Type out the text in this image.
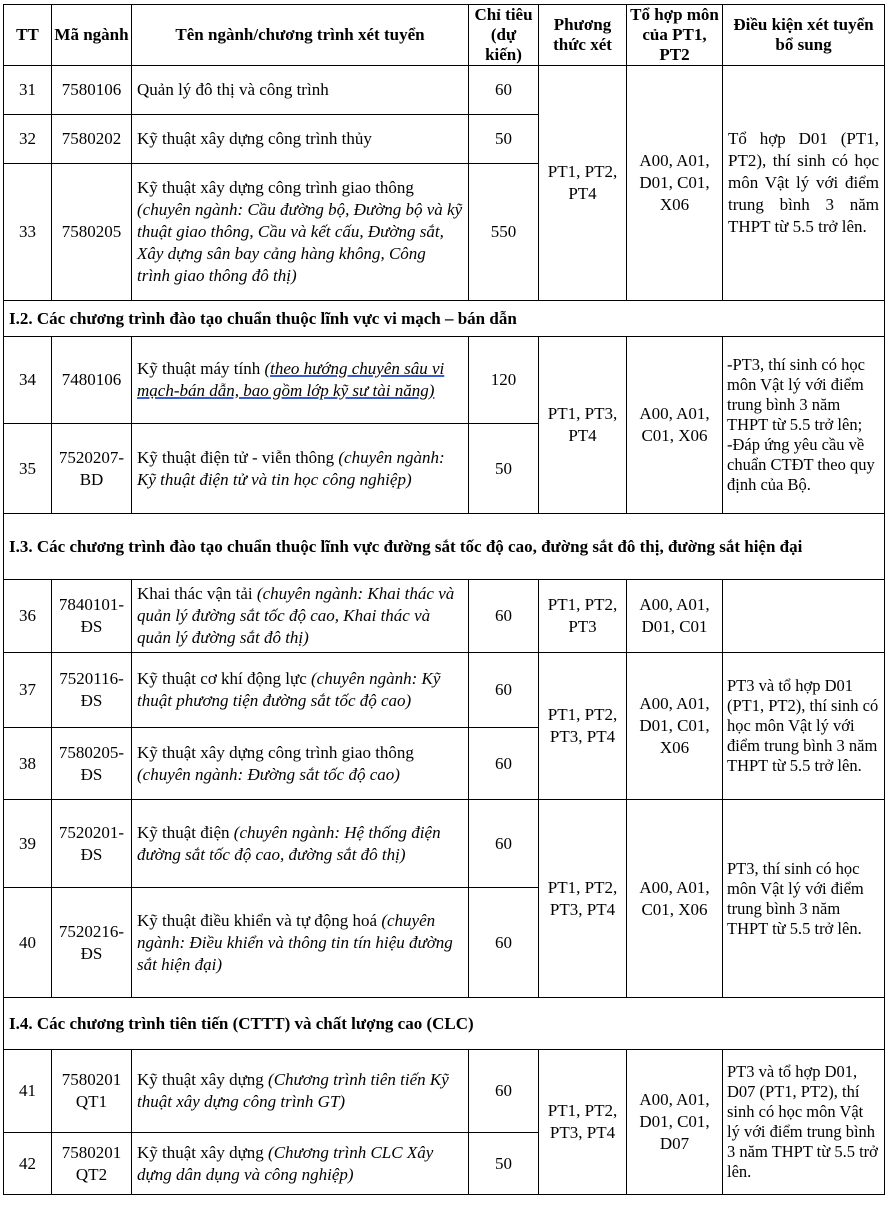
TT	Mã ngành	Tên ngành/chương trình xét tuyển	Chỉ tiêu (dự kiến)	Phương thức xét	Tổ hợp môn của PT1, PT2	Điều kiện xét tuyển bổ sung
31	7580106	Quản lý đô thị và công trình	60	PT1, PT2, PT4	A00, A01, D01, C01, X06	Tổ hợp D01 (PT1, PT2), thí sinh có học môn Vật lý với điểm trung bình 3 năm THPT từ 5.5 trở lên.
32	7580202	Kỹ thuật xây dựng công trình thủy	50			
33	7580205	Kỹ thuật xây dựng công trình giao thông (chuyên ngành: Cầu đường bộ, Đường bộ và kỹ thuật giao thông, Cầu và kết cấu, Đường sắt, Xây dựng sân bay cảng hàng không, Công trình giao thông đô thị)	550			
I.2. Các chương trình đào tạo chuẩn thuộc lĩnh vực vi mạch – bán dẫn						
34	7480106	Kỹ thuật máy tính (theo hướng chuyên sâu vi mạch-bán dẫn, bao gồm lớp kỹ sư tài năng)	120	PT1, PT3, PT4	A00, A01, C01, X06	-PT3, thí sinh có học môn Vật lý với điểm trung bình 3 năm THPT từ 5.5 trở lên; -Đáp ứng yêu cầu về chuẩn CTĐT theo quy định của Bộ.
35	7520207-BD	Kỹ thuật điện tử - viễn thông (chuyên ngành: Kỹ thuật điện tử và tin học công nghiệp)	50			
I.3. Các chương trình đào tạo chuẩn thuộc lĩnh vực đường sắt tốc độ cao, đường sắt đô thị, đường sắt hiện đại						
36	7840101-ĐS	Khai thác vận tải (chuyên ngành: Khai thác và quản lý đường sắt tốc độ cao, Khai thác và quản lý đường sắt đô thị)	60	PT1, PT2, PT3	A00, A01, D01, C01	
37	7520116-ĐS	Kỹ thuật cơ khí động lực (chuyên ngành: Kỹ thuật phương tiện đường sắt tốc độ cao)	60	PT1, PT2, PT3, PT4	A00, A01, D01, C01, X06	PT3 và tổ hợp D01 (PT1, PT2), thí sinh có học môn Vật lý với điểm trung bình 3 năm THPT từ 5.5 trở lên.
38	7580205-ĐS	Kỹ thuật xây dựng công trình giao thông (chuyên ngành: Đường sắt tốc độ cao)	60			
39	7520201-ĐS	Kỹ thuật điện (chuyên ngành: Hệ thống điện đường sắt tốc độ cao, đường sắt đô thị)	60	PT1, PT2, PT3, PT4	A00, A01, C01, X06	PT3, thí sinh có học môn Vật lý với điểm trung bình 3 năm THPT từ 5.5 trở lên.
40	7520216-ĐS	Kỹ thuật điều khiển và tự động hoá (chuyên ngành: Điều khiển và thông tin tín hiệu đường sắt hiện đại)	60			
I.4. Các chương trình tiên tiến (CTTT) và chất lượng cao (CLC)						
41	7580201 QT1	Kỹ thuật xây dựng (Chương trình tiên tiến Kỹ thuật xây dựng công trình GT)	60	PT1, PT2, PT3, PT4	A00, A01, D01, C01, D07	PT3 và tổ hợp D01, D07 (PT1, PT2), thí sinh có học môn Vật lý với điểm trung bình 3 năm THPT từ 5.5 trở lên.
42	7580201 QT2	Kỹ thuật xây dựng (Chương trình CLC Xây dựng dân dụng và công nghiệp)	50			
